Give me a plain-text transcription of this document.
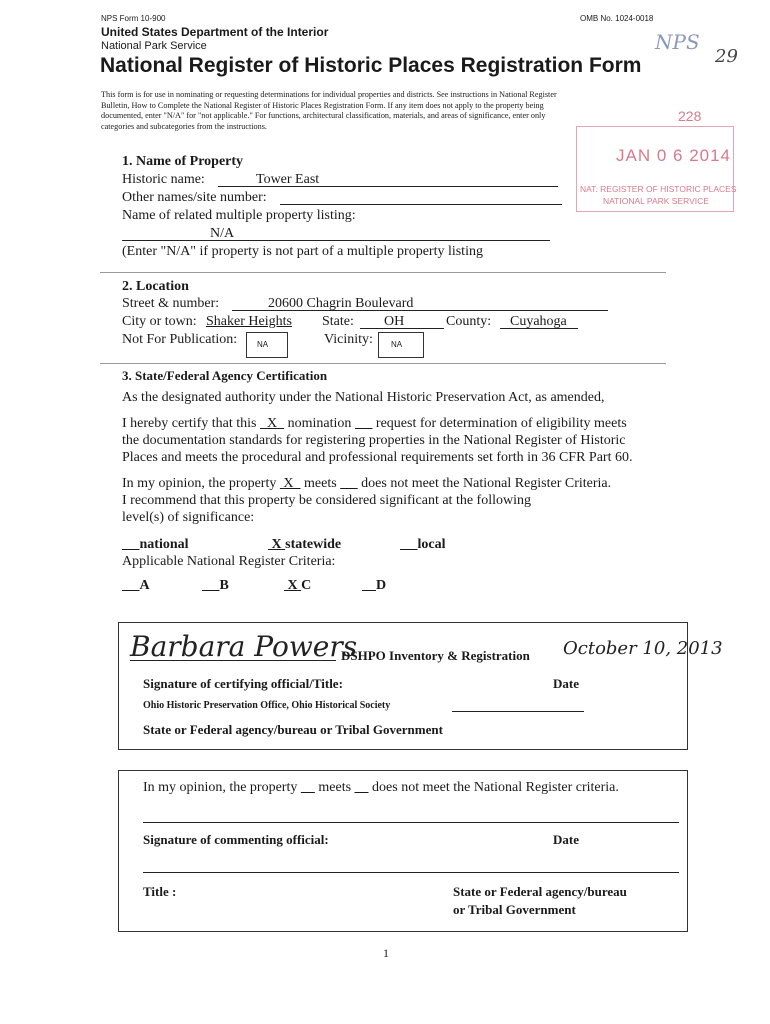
NPS Form 10-900	OMB No. 1024-0018
United States Department of the Interior
National Park Service
National Register of Historic Places Registration Form
NPS
29
This form is for use in nominating or requesting determinations for individual properties and districts. See instructions in National Register
Bulletin, How to Complete the National Register of Historic Places Registration Form. If any item does not apply to the property being
documented, enter "N/A" for "not applicable." For functions, architectural classification, materials, and areas of significance, enter only
categories and subcategories from the instructions.
228
JAN 0 6 2014
NAT. REGISTER OF HISTORIC PLACES
NATIONAL PARK SERVICE
1. Name of Property
Historic name:	Tower East
Other names/site number:
Name of related multiple property listing:
N/A
(Enter "N/A" if property is not part of a multiple property listing
2. Location
Street & number:	20600 Chagrin Boulevard
City or town: Shaker Heights State: OH	County: Cuyahoga
Not For Publication: NA	Vicinity: NA
3. State/Federal Agency Certification
As the designated authority under the National Historic Preservation Act, as amended,
I hereby certify that this X nomination request for determination of eligibility meets
the documentation standards for registering properties in the National Register of Historic
Places and meets the procedural and professional requirements set forth in 36 CFR Part 60.
In my opinion, the property X meets does not meet the National Register Criteria.
I recommend that this property be considered significant at the following
level(s) of significance:
national	X statewide	local
Applicable National Register Criteria:
A	B	X C	D
Barbara Powers
DSHPO Inventory & Registration October 10, 2013
Signature of certifying official/Title:	Date
Ohio Historic Preservation Office, Ohio Historical Society
State or Federal agency/bureau or Tribal Government
In my opinion, the property meets does not meet the National Register criteria.
Signature of commenting official:	Date
Title :	State or Federal agency/bureau
or Tribal Government
1
